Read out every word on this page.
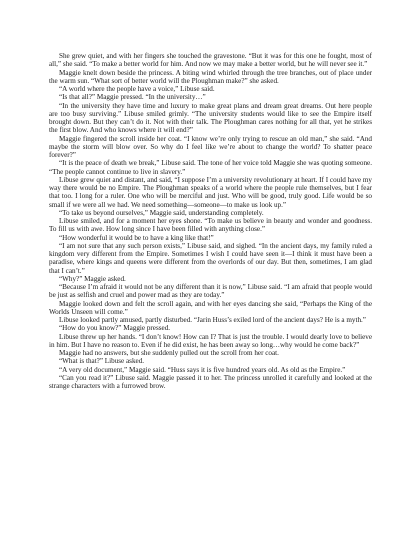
She grew quiet, and with her fingers she touched the gravestone. “But it was for this one he fought, most of all,” she said. “To make a better world for him. And now we may make a better world, but he will never see it.”

Maggie knelt down beside the princess. A biting wind whirled through the tree branches, out of place under the warm sun. “What sort of better world will the Ploughman make?” she asked.

“A world where the people have a voice,” Libuse said.

“Is that all?” Maggie pressed. “In the university…”

“In the university they have time and luxury to make great plans and dream great dreams. Out here people are too busy surviving.” Libuse smiled grimly. “The university students would like to see the Empire itself brought down. But they can’t do it. Not with their talk. The Ploughman cares nothing for all that, yet he strikes the first blow. And who knows where it will end?”

Maggie fingered the scroll inside her coat. “I know we’re only trying to rescue an old man,” she said. “And maybe the storm will blow over. So why do I feel like we’re about to change the world? To shatter peace forever?”

“It is the peace of death we break,” Libuse said. The tone of her voice told Maggie she was quoting someone. “The people cannot continue to live in slavery.”

Libuse grew quiet and distant, and said, “I suppose I’m a university revolutionary at heart. If I could have my way there would be no Empire. The Ploughman speaks of a world where the people rule themselves, but I fear that too. I long for a ruler. One who will be merciful and just. Who will be good, truly good. Life would be so small if we were all we had. We need something—someone—to make us look up.”

“To take us beyond ourselves,” Maggie said, understanding completely.

Libuse smiled, and for a moment her eyes shone. “To make us believe in beauty and wonder and goodness. To fill us with awe. How long since I have been filled with anything close.”

“How wonderful it would be to have a king like that!”

“I am not sure that any such person exists,” Libuse said, and sighed. “In the ancient days, my family ruled a kingdom very different from the Empire. Sometimes I wish I could have seen it—I think it must have been a paradise, where kings and queens were different from the overlords of our day. But then, sometimes, I am glad that I can’t.”

“Why?” Maggie asked.

“Because I’m afraid it would not be any different than it is now,” Libuse said. “I am afraid that people would be just as selfish and cruel and power mad as they are today.”

Maggie looked down and felt the scroll again, and with her eyes dancing she said, “Perhaps the King of the Worlds Unseen will come.”

Libuse looked partly amused, partly disturbed. “Jarin Huss’s exiled lord of the ancient days? He is a myth.”

“How do you know?” Maggie pressed.

Libuse threw up her hands. “I don’t know! How can I? That is just the trouble. I would dearly love to believe in him. But I have no reason to. Even if he did exist, he has been away so long…why would he come back?”

Maggie had no answers, but she suddenly pulled out the scroll from her coat.

“What is that?” Libuse asked.

“A very old document,” Maggie said. “Huss says it is five hundred years old. As old as the Empire.”

“Can you read it?” Libuse said. Maggie passed it to her. The princess unrolled it carefully and looked at the strange characters with a furrowed brow.
